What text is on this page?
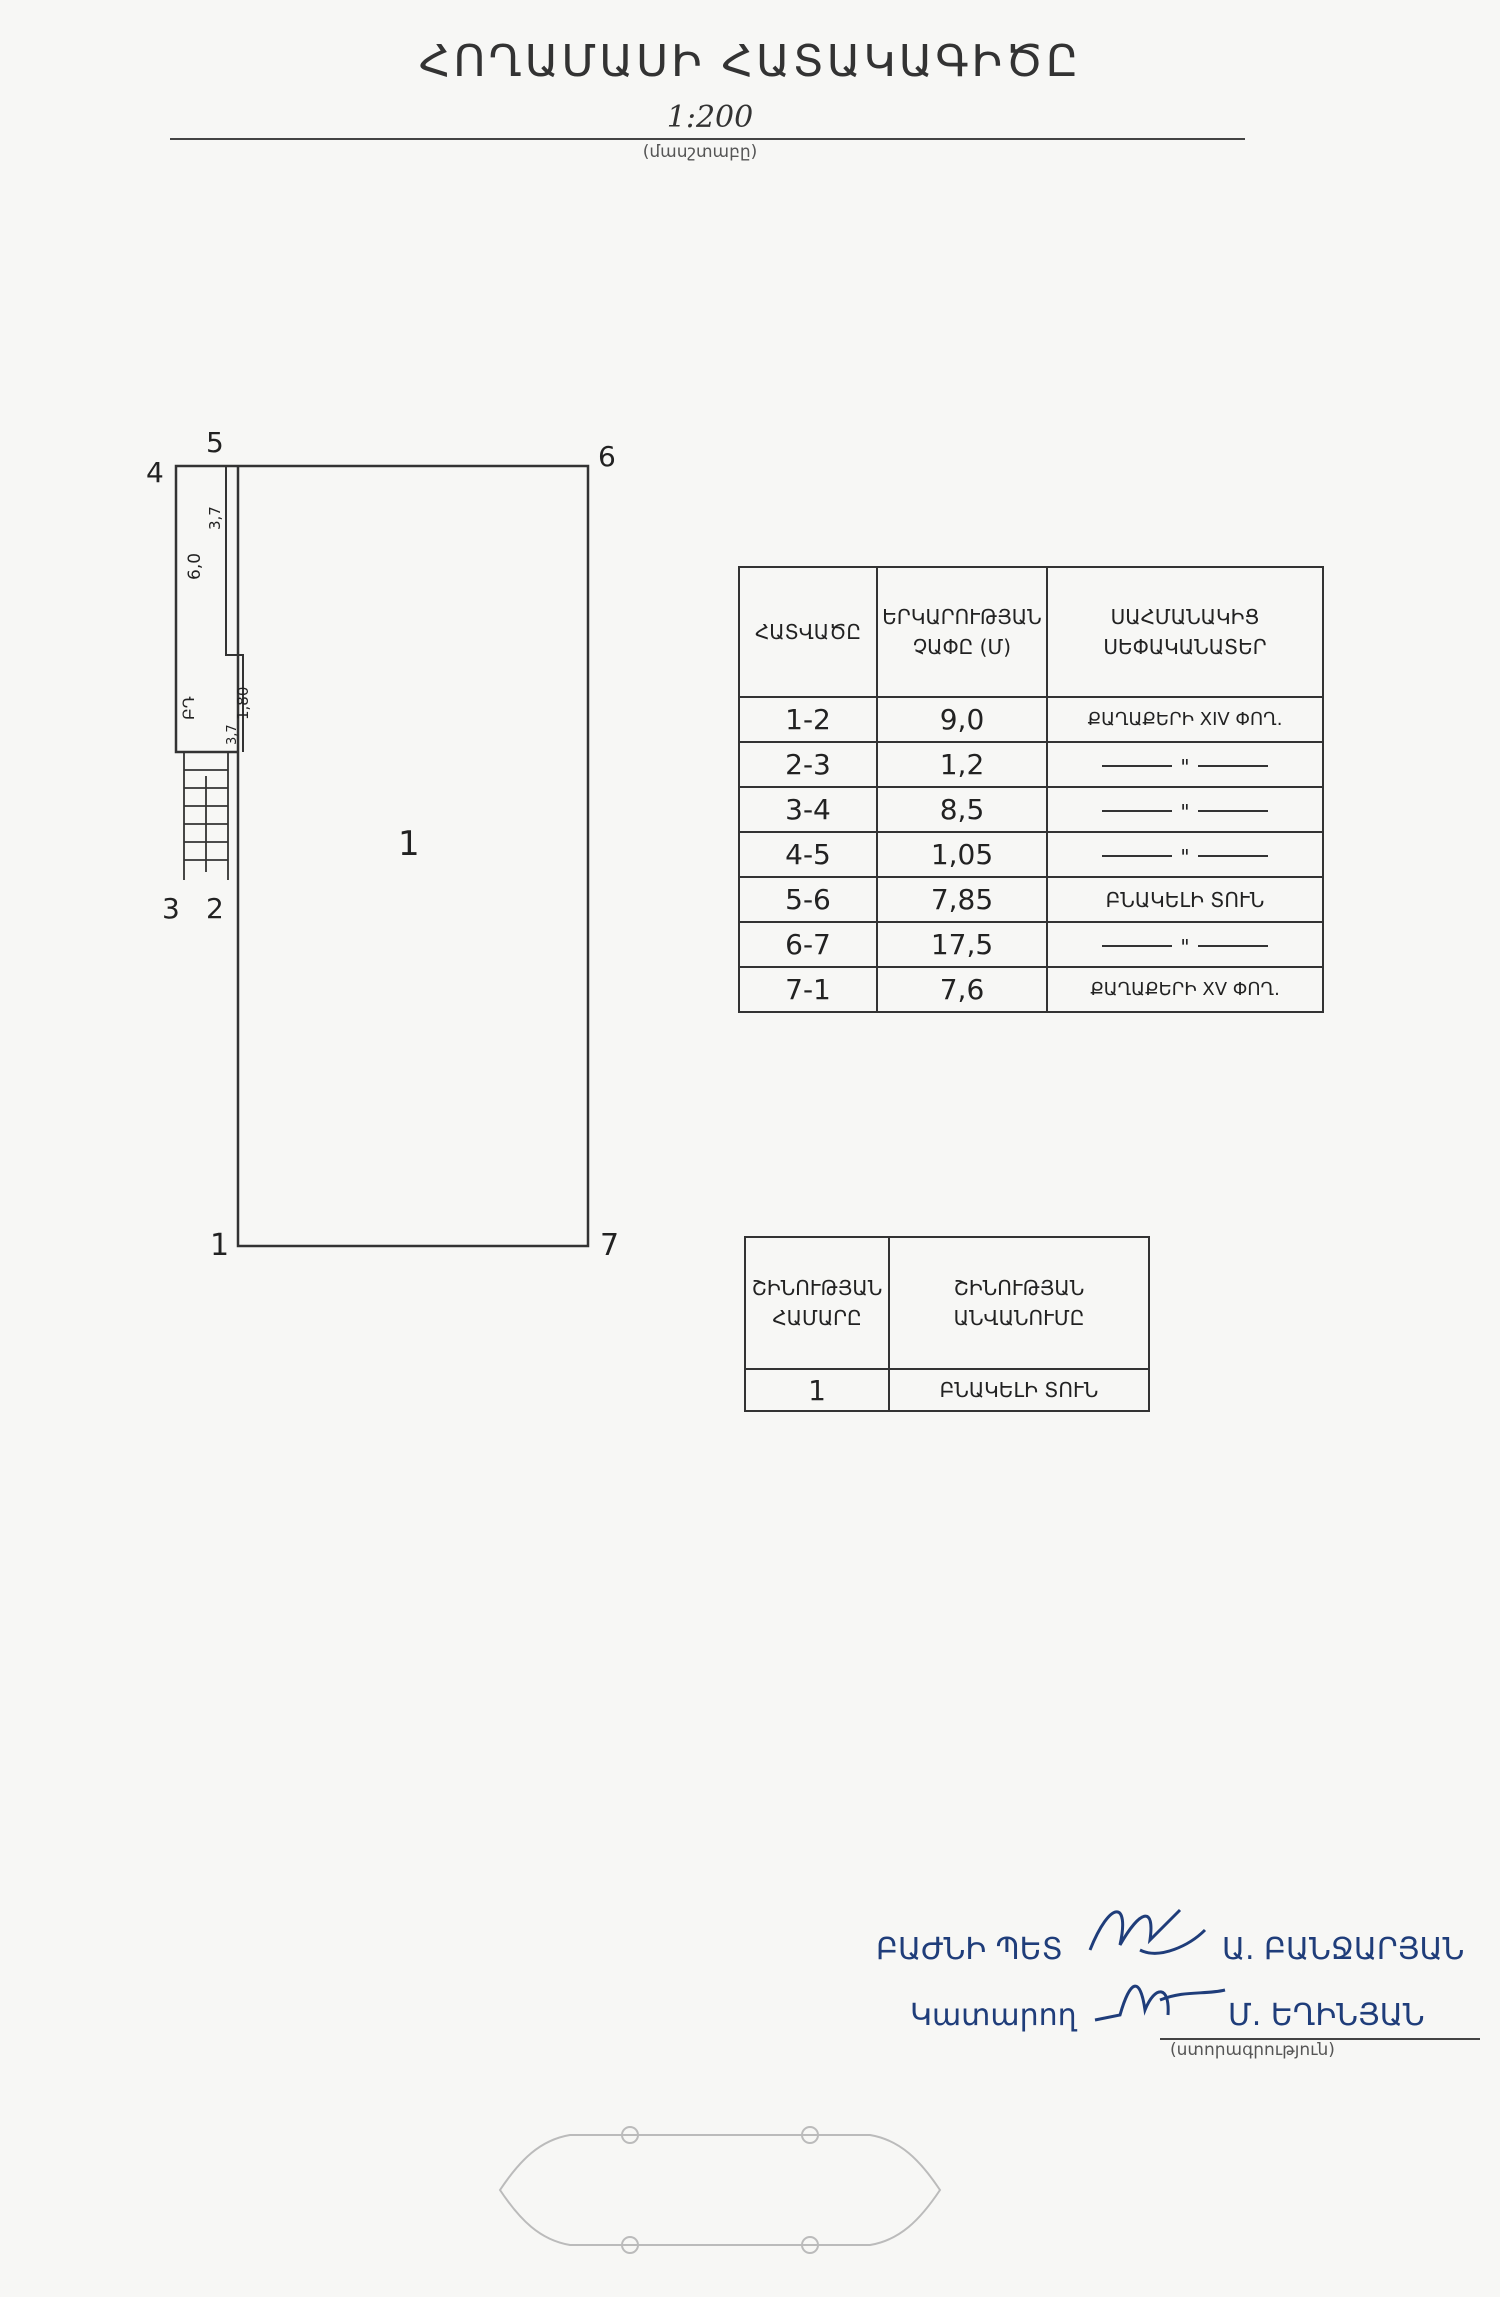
ՀՈՂԱՄԱՍԻ ՀԱՏԱԿԱԳԻԾԸ
1:200
(մասշտաբը)
1
2
3
4
5	6
7
1
6,0
3,7
1,80
3,7
ԲԴ
ՀԱՏՎԱԾԸ	ԵՐԿԱՐՈՒԹՅԱՆ ՉԱՓԸ (Մ)	ՍԱՀՄԱՆԱԿԻՑ ՍԵՓԱԿԱՆԱՏԵՐ
1-2	9,0	ՔԱՂԱՔԵՐԻ XIV ՓՈՂ.
2-3	1,2	"
3-4	8,5	"
4-5	1,05	"
5-6	7,85	ԲՆԱԿԵԼԻ ՏՈՒՆ
6-7	17,5	"
7-1	7,6	ՔԱՂԱՔԵՐԻ XV ՓՈՂ.
ՇԻՆՈՒԹՅԱՆ ՀԱՄԱՐԸ	ՇԻՆՈՒԹՅԱՆ ԱՆՎԱՆՈՒՄԸ
1	ԲՆԱԿԵԼԻ ՏՈՒՆ
ԲԱԺՆԻ ՊԵՏ	Ա. ԲԱՆՋԱՐՅԱՆ
Կատարող	Մ. ԵՂԻՆՅԱՆ
(ստորագրություն)
